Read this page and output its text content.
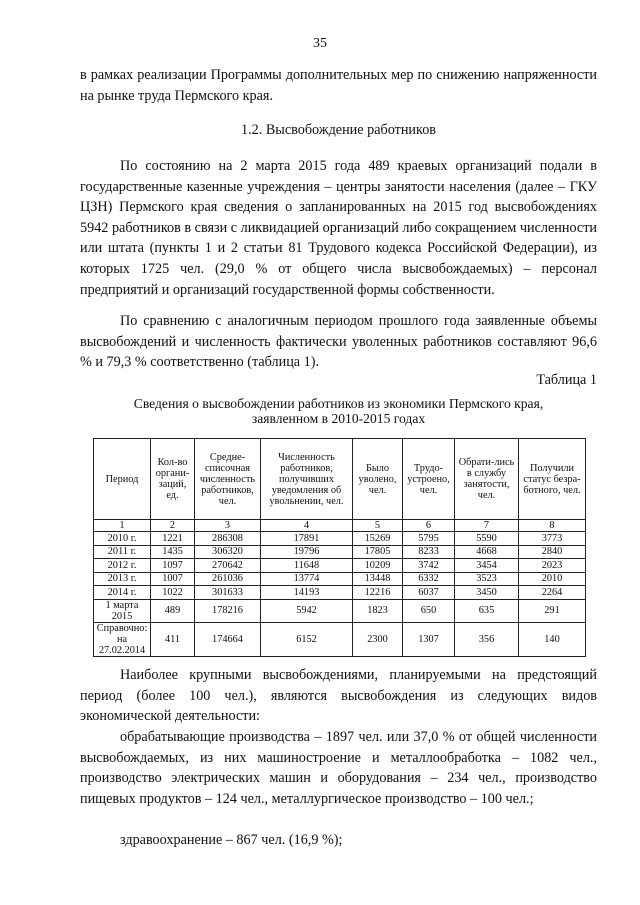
35

в рамках реализации Программы дополнительных мер по снижению напряженности на рынке труда Пермского края.

1.2. Высвобождение работников

По состоянию на 2 марта 2015 года 489 краевых организаций подали в государственные казенные учреждения – центры занятости населения (далее – ГКУ ЦЗН) Пермского края сведения о запланированных на 2015 год высвобождениях 5942 работников в связи с ликвидацией организаций либо сокращением численности или штата (пункты 1 и 2 статьи 81 Трудового кодекса Российской Федерации), из которых 1725 чел. (29,0 % от общего числа высвобождаемых) – персонал предприятий и организаций государственной формы собственности.

По сравнению с аналогичным периодом прошлого года заявленные объемы высвобождений и численность фактически уволенных работников составляют 96,6 % и 79,3 % соответственно (таблица 1).

Таблица 1
Сведения о высвобождении работников из экономики Пермского края,
заявленном в 2010-2015 годах
Период	Кол-во органи-заций, ед.	Средне-списочная численность работников, чел.	Численность работников, получивших уведомления об увольнении, чел.	Было уволено, чел.	Трудо-устроено, чел.	Обрати-лись в службу занятости, чел.	Получили статус безра-ботного, чел.
1	2	3	4	5	6	7	8
2010 г.	1221	286308	17891	15269	5795	5590	3773
2011 г.	1435	306320	19796	17805	8233	4668	2840
2012 г.	1097	270642	11648	10209	3742	3454	2023
2013 г.	1007	261036	13774	13448	6332	3523	2010
2014 г.	1022	301633	14193	12216	6037	3450	2264
1 марта 2015	489	178216	5942	1823	650	635	291

Справочно:
на 27.02.2014	411	174664	6152	2300	1307	356	140

Наиболее крупными высвобождениями, планируемыми на предстоящий период (более 100 чел.), являются высвобождения из следующих видов экономической деятельности:

обрабатывающие производства – 1897 чел. или 37,0 % от общей численности высвобождаемых, из них машиностроение и металлообработка – 1082 чел., производство электрических машин и оборудования – 234 чел., производство пищевых продуктов – 124 чел., металлургическое производство – 100 чел.;

здравоохранение – 867 чел. (16,9 %);
